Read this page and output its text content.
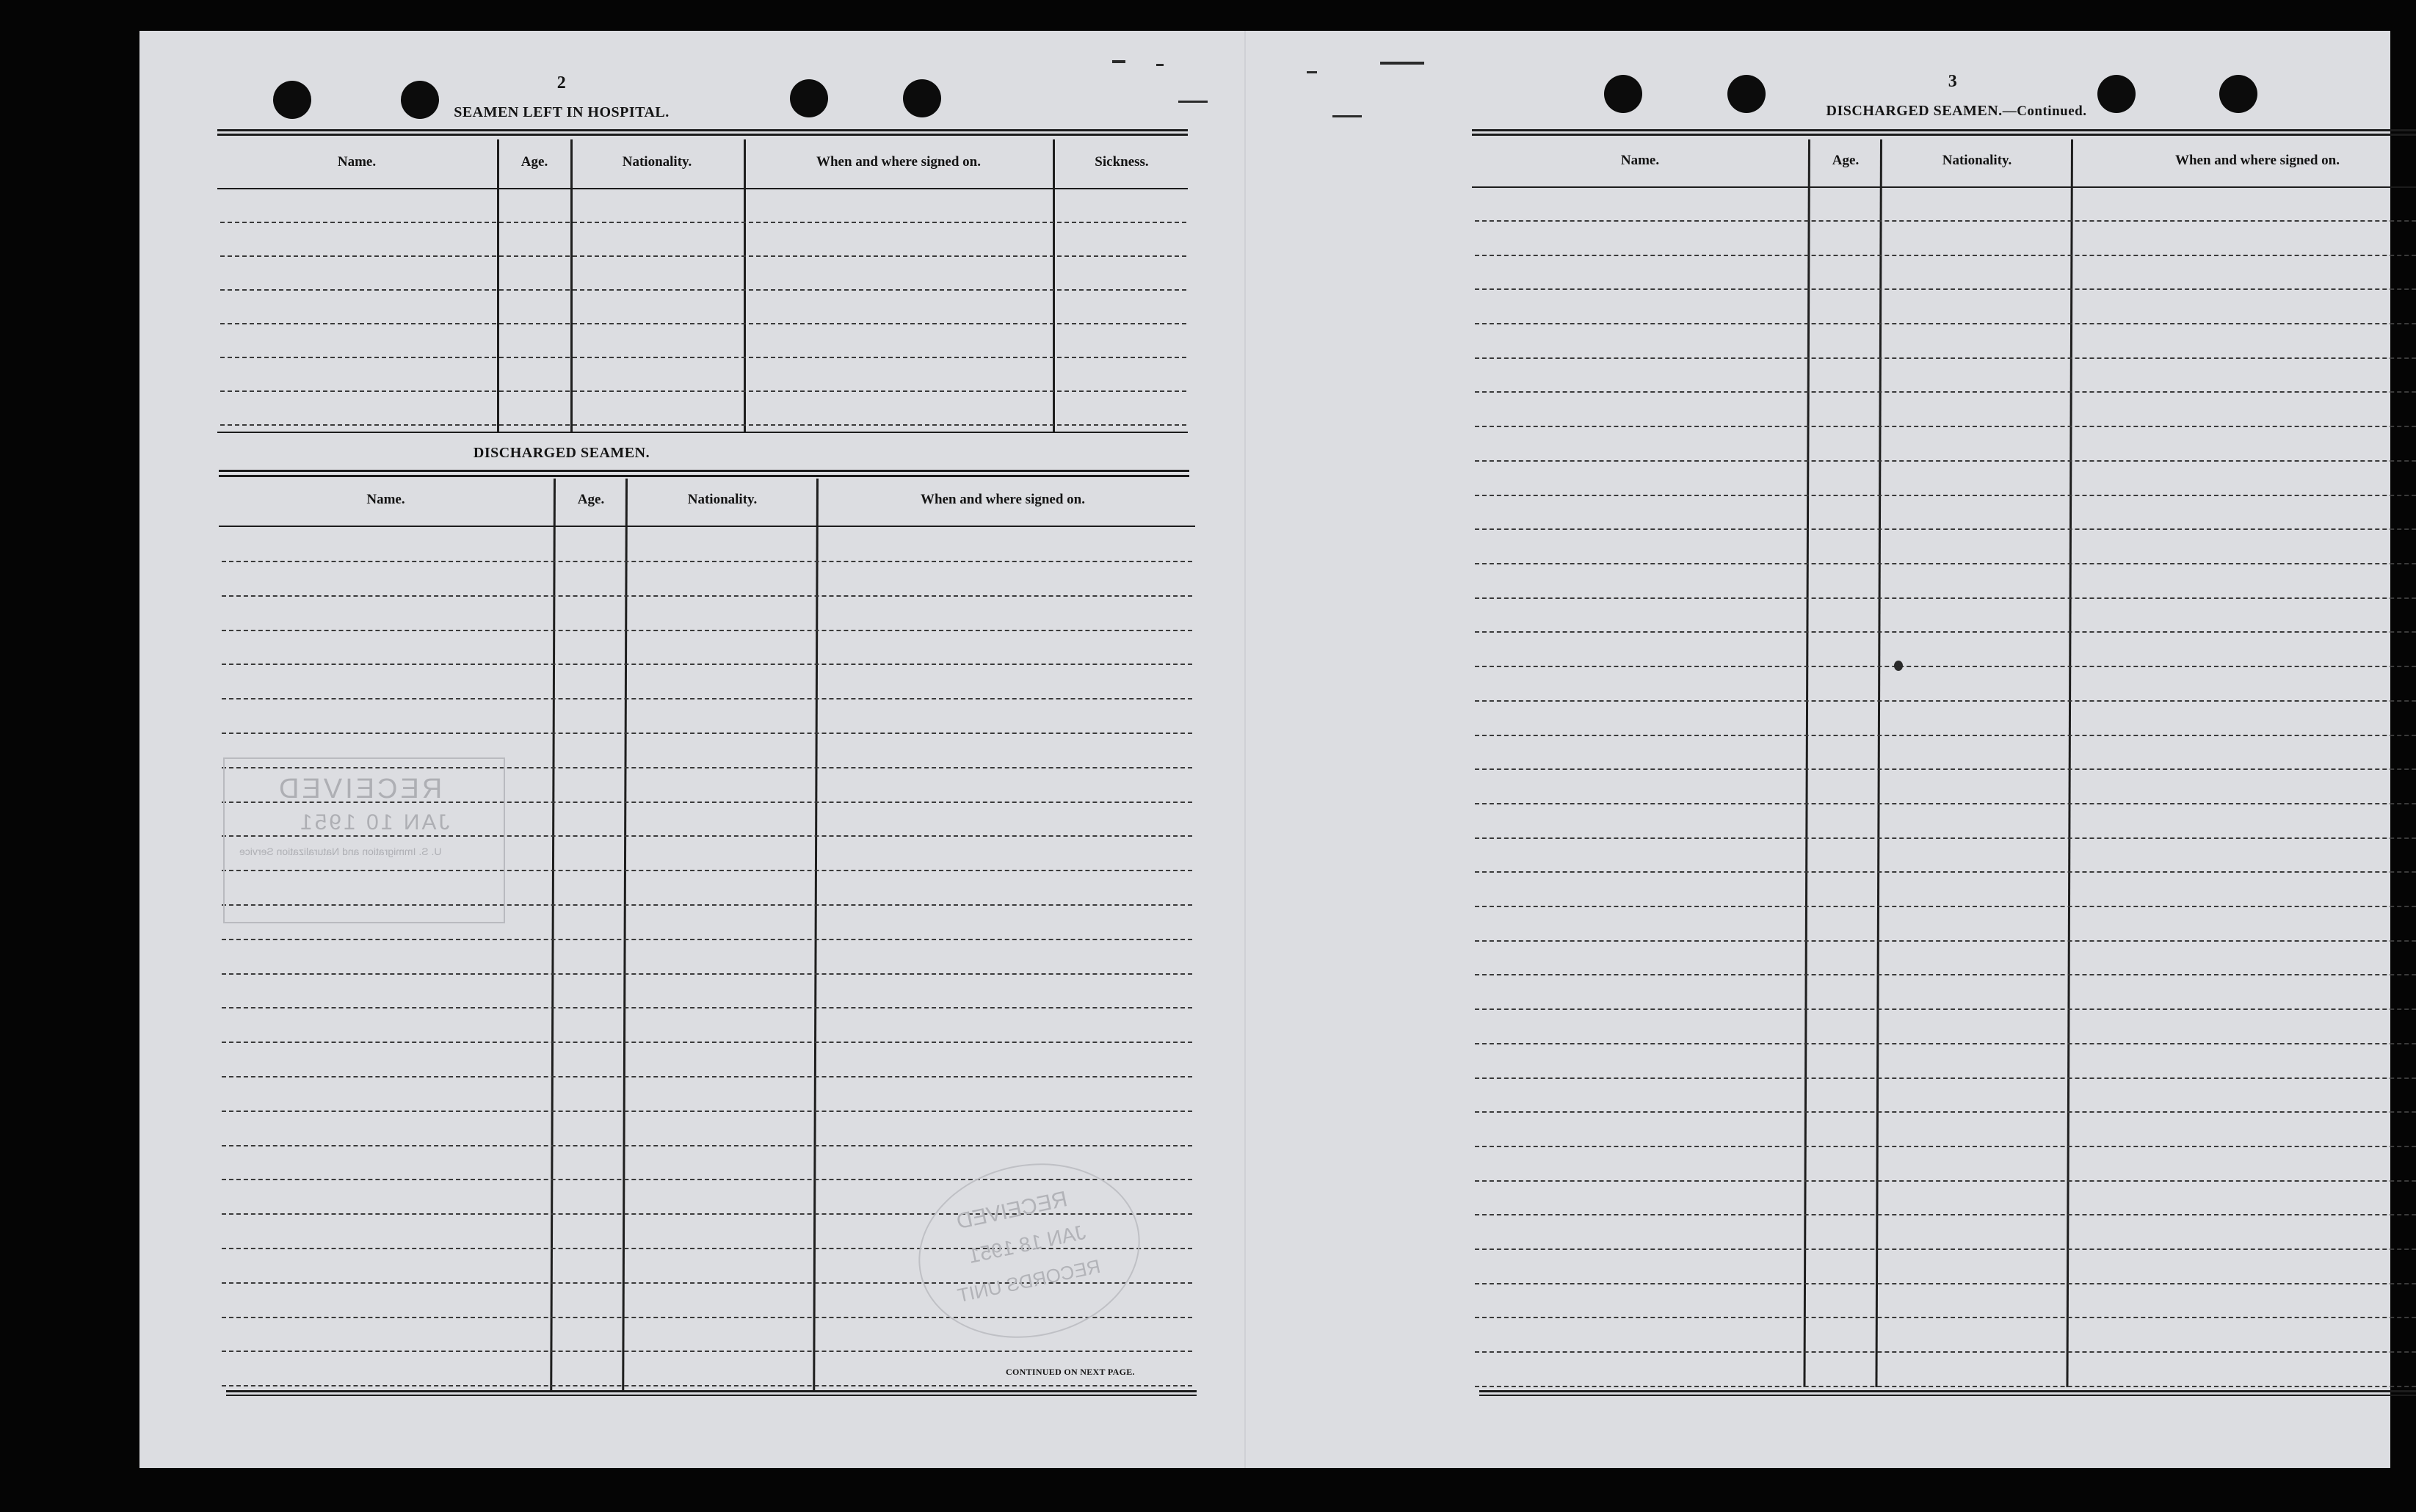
2
SEAMEN LEFT IN HOSPITAL.
Name.	Age.	Nationality.	When and where signed on.	Sickness.
DISCHARGED SEAMEN.
Name.	Age.	Nationality.	When and where signed on.
CONTINUED ON NEXT PAGE.
RECEIVED
JAN 10 1951
U. S. Immigration and Naturalization Service
RECEIVED
JAN 18 1951
RECORDS UNIT
3
DISCHARGED SEAMEN.—Continued.
Name.	Age.	Nationality.	When and where signed on.
